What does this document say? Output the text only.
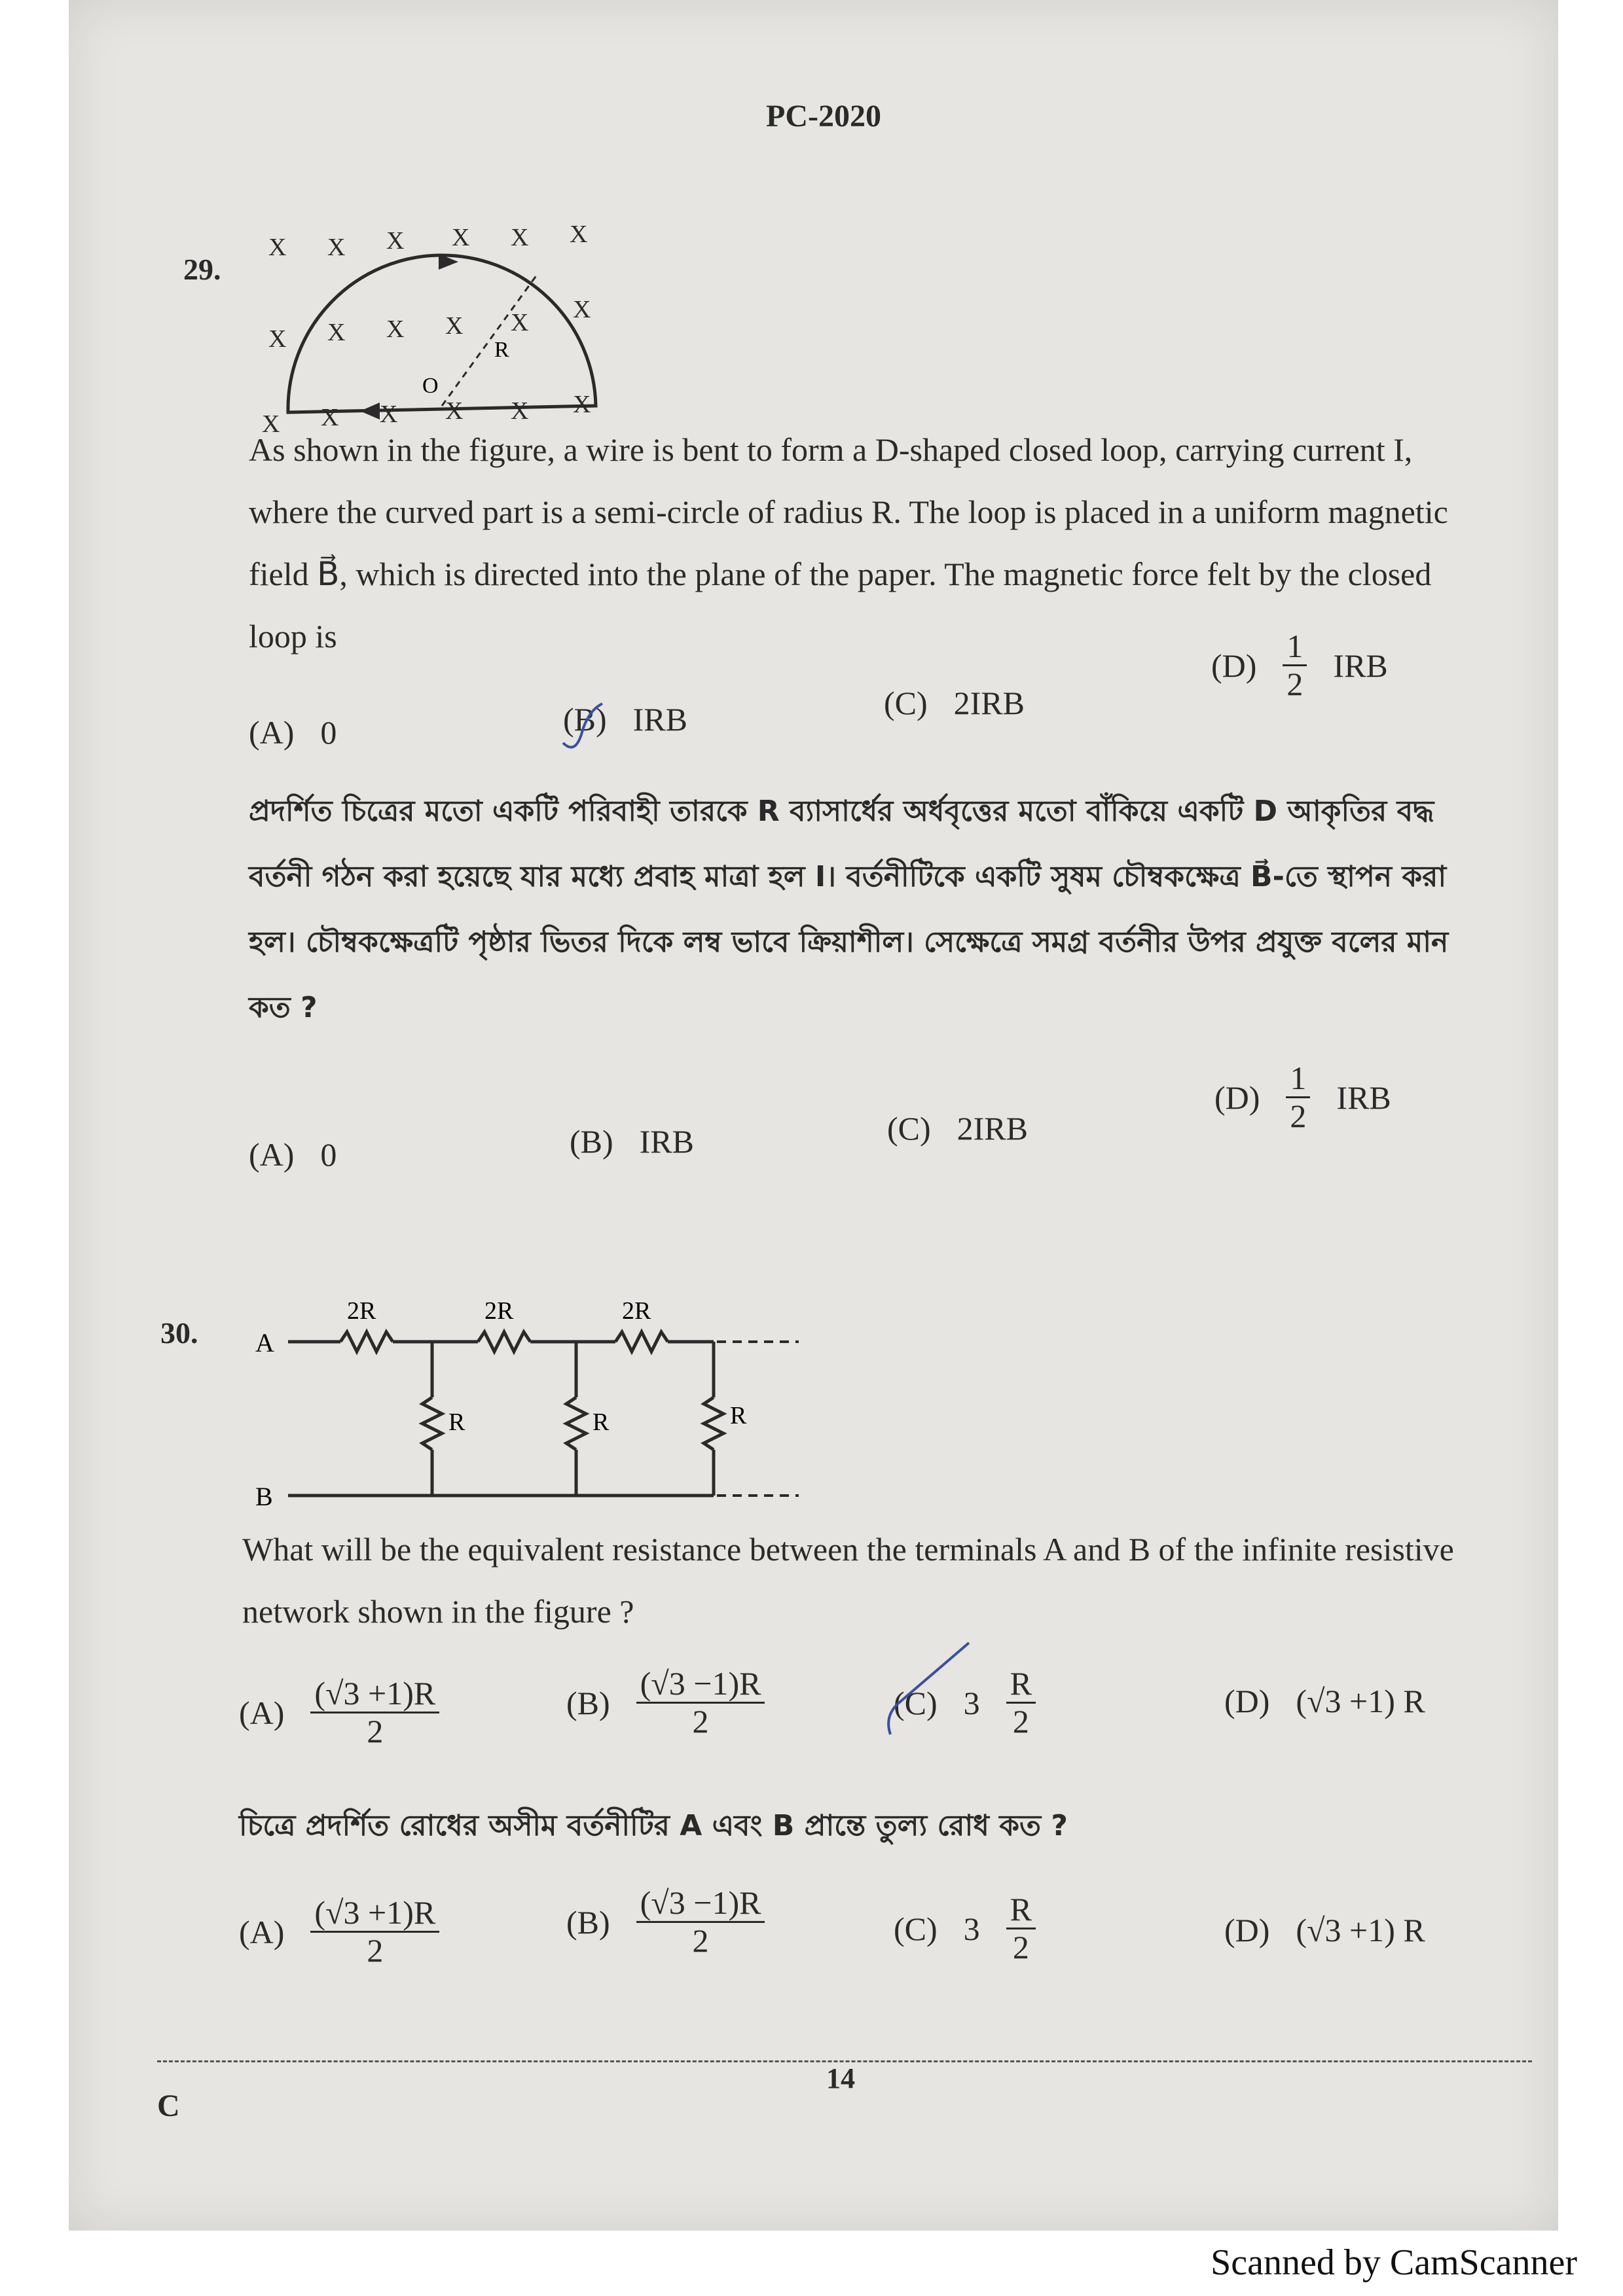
PC-2020
29.
R
O
X X X X X X
X X X X X X
X X X X X X
As shown in the figure, a wire is bent to form a D-shaped closed loop, carrying current I, where the curved part is a semi-circle of radius R. The loop is placed in a uniform magnetic field B⃗, which is directed into the plane of the paper. The magnetic force felt by the closed loop is
(A) 0	(B) IRB	(C) 2IRB
$(D) \frac{1}{2}$ IRB
প্রদর্শিত চিত্রের মতো একটি পরিবাহী তারকে R ব্যাসার্ধের অর্ধবৃত্তের মতো বাঁকিয়ে একটি D আকৃতির বদ্ধ বর্তনী গঠন করা হয়েছে যার মধ্যে প্রবাহ মাত্রা হল I। বর্তনীটিকে একটি সুষম চৌম্বকক্ষেত্র B⃗-তে স্থাপন করা হল। চৌম্বকক্ষেত্রটি পৃষ্ঠার ভিতর দিকে লম্ব ভাবে ক্রিয়াশীল। সেক্ষেত্রে সমগ্র বর্তনীর উপর প্রযুক্ত বলের মান কত ?
(A) 0	(B) IRB	(C) 2IRB
$(D) \frac{1}{2}$ IRB
30. A
B
2R	2R	2R
R	R	R
What will be the equivalent resistance between the terminals A and B of the infinite resistive network shown in the figure ?
$(A) \frac{(√3 +1)R}{2}$	$(B) \frac{(√3 -1)R}{2}$	(C) $3 \frac{R}{2}$	(D) (√3 +1) R
চিত্রে প্রদর্শিত রোধের অসীম বর্তনীটির A এবং B প্রান্তে তুল্য রোধ কত ?
$(A) \frac{(√3 +1)R}{2}$	$(B) \frac{(√3 -1)R}{2}$	(C) $3 \frac{R}{2}$	(D) (√3 +1) R
14
C
Scanned by CamScanner
